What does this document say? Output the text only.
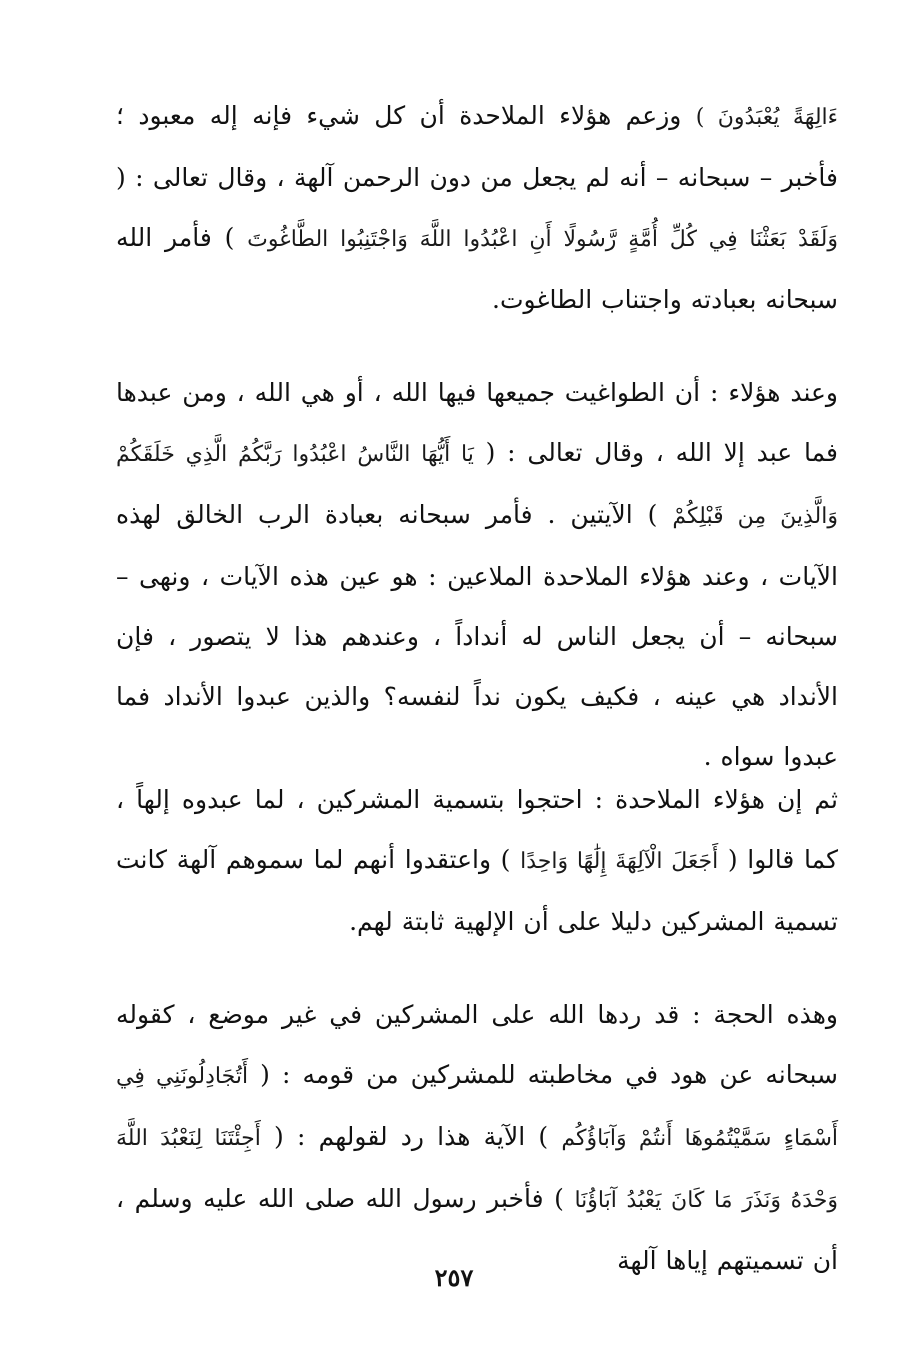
ءَالِهَةً يُعْبَدُونَ ) وزعم هؤلاء الملاحدة أن كل شيء فإنه إله معبود ؛ فأخبر – سبحانه – أنه لم يجعل من دون الرحمن آلهة ، وقال تعالى : ( وَلَقَدْ بَعَثْنَا فِي كُلِّ أُمَّةٍ رَّسُولًا أَنِ اعْبُدُوا اللَّهَ وَاجْتَنِبُوا الطَّاغُوتَ ) فأمر الله سبحانه بعبادته واجتناب الطاغوت.

وعند هؤلاء : أن الطواغيت جميعها فيها الله ، أو هي الله ، ومن عبدها فما عبد إلا الله ، وقال تعالى : ( يَا أَيُّهَا النَّاسُ اعْبُدُوا رَبَّكُمُ الَّذِي خَلَقَكُمْ وَالَّذِينَ مِن قَبْلِكُمْ ) الآيتين . فأمر سبحانه بعبادة الرب الخالق لهذه الآيات ، وعند هؤلاء الملاحدة الملاعين : هو عين هذه الآيات ، ونهى – سبحانه – أن يجعل الناس له أنداداً ، وعندهم هذا لا يتصور ، فإن الأنداد هي عينه ، فكيف يكون نداً لنفسه؟ والذين عبدوا الأنداد فما عبدوا سواه .

ثم إن هؤلاء الملاحدة : احتجوا بتسمية المشركين ، لما عبدوه إلهاً ، كما قالوا ( أَجَعَلَ الْآلِهَةَ إِلَٰهًا وَاحِدًا ) واعتقدوا أنهم لما سموهم آلهة كانت تسمية المشركين دليلا على أن الإلهية ثابتة لهم.

وهذه الحجة : قد ردها الله على المشركين في غير موضع ، كقوله سبحانه عن هود في مخاطبته للمشركين من قومه : ( أَتُجَادِلُونَنِي فِي أَسْمَاءٍ سَمَّيْتُمُوهَا أَنتُمْ وَآبَاؤُكُم ) الآية هذا رد لقولهم : ( أَجِئْتَنَا لِنَعْبُدَ اللَّهَ وَحْدَهُ وَنَذَرَ مَا كَانَ يَعْبُدُ آبَاؤُنَا ) فأخبر رسول الله صلى الله عليه وسلم ، أن تسميتهم إياها آلهة

٢٥٧
